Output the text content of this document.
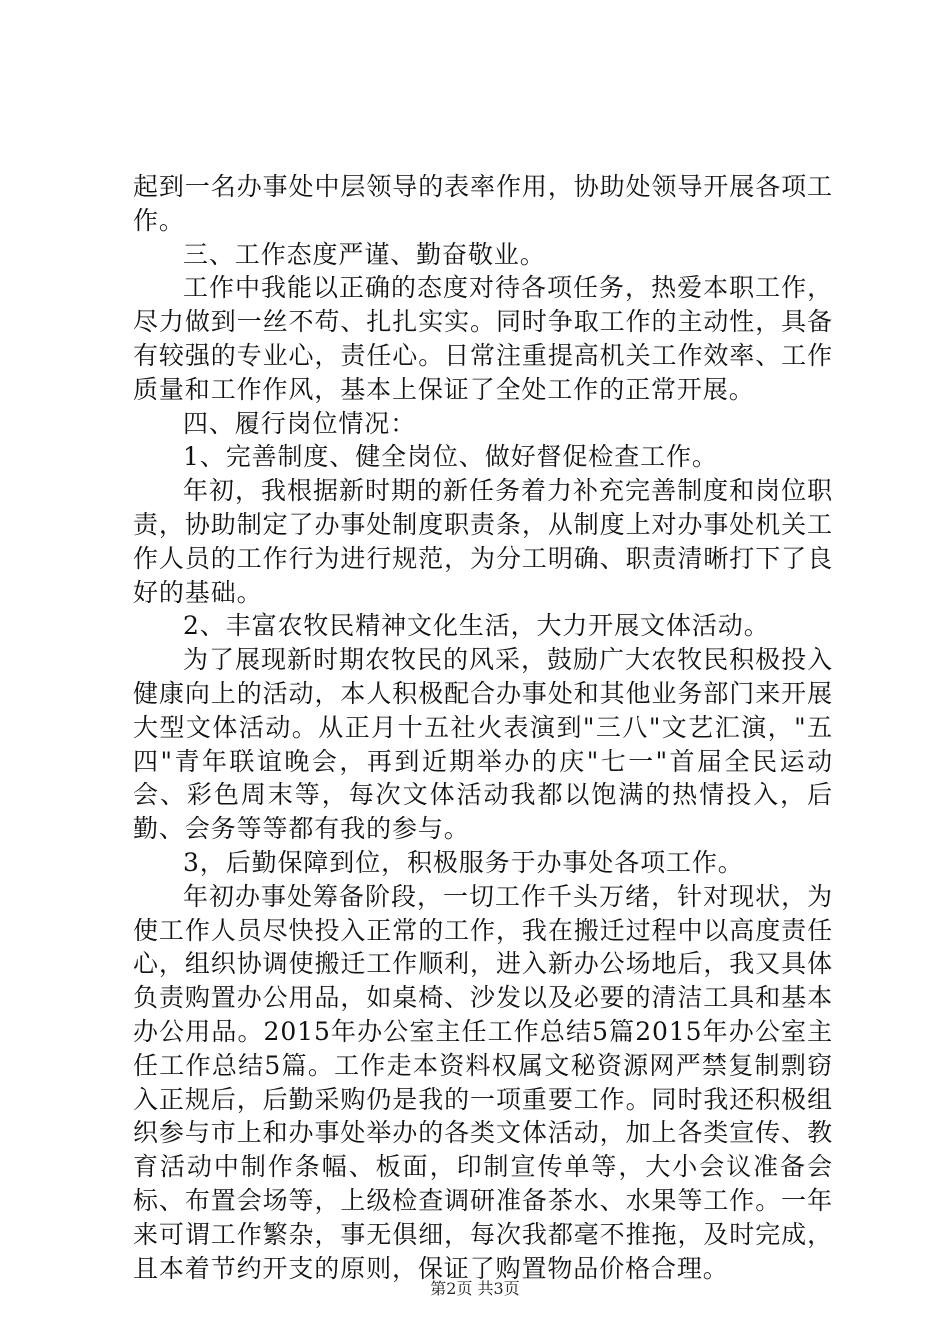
起到一名办事处中层领导的表率作用，协助处领导开展各项工作。

三、工作态度严谨、勤奋敬业。

工作中我能以正确的态度对待各项任务，热爱本职工作，尽力做到一丝不苟、扎扎实实。同时争取工作的主动性，具备有较强的专业心，责任心。日常注重提高机关工作效率、工作质量和工作作风，基本上保证了全处工作的正常开展。

四、履行岗位情况：

1、完善制度、健全岗位、做好督促检查工作。

年初，我根据新时期的新任务着力补充完善制度和岗位职责，协助制定了办事处制度职责条，从制度上对办事处机关工作人员的工作行为进行规范，为分工明确、职责清晰打下了良好的基础。

2、丰富农牧民精神文化生活，大力开展文体活动。

为了展现新时期农牧民的风采，鼓励广大农牧民积极投入健康向上的活动，本人积极配合办事处和其他业务部门来开展大型文体活动。从正月十五社火表演到"三八"文艺汇演，"五四"青年联谊晚会，再到近期举办的庆"七一"首届全民运动会、彩色周末等，每次文体活动我都以饱满的热情投入，后勤、会务等等都有我的参与。

3，后勤保障到位，积极服务于办事处各项工作。

年初办事处筹备阶段，一切工作千头万绪，针对现状，为使工作人员尽快投入正常的工作，我在搬迁过程中以高度责任心，组织协调使搬迁工作顺利，进入新办公场地后，我又具体负责购置办公用品，如桌椅、沙发以及必要的清洁工具和基本办公用品。2015年办公室主任工作总结5篇2015年办公室主任工作总结5篇。工作走本资料权属文秘资源网严禁复制剽窃入正规后，后勤采购仍是我的一项重要工作。同时我还积极组织参与市上和办事处举办的各类文体活动，加上各类宣传、教育活动中制作条幅、板面，印制宣传单等，大小会议准备会标、布置会场等，上级检查调研准备茶水、水果等工作。一年来可谓工作繁杂，事无俱细，每次我都毫不推拖，及时完成，且本着节约开支的原则，保证了购置物品价格合理。

第2页 共3页
